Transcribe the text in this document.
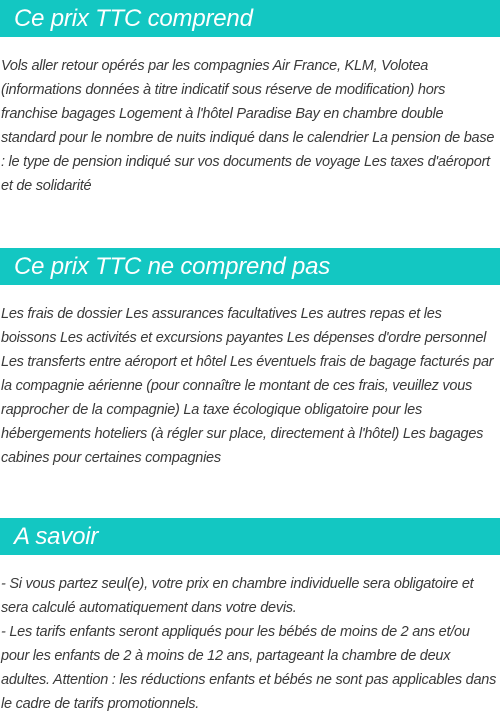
Ce prix TTC comprend

Vols aller retour opérés par les compagnies Air France, KLM, Volotea (informations données à titre indicatif sous réserve de modification) hors franchise bagages Logement à l'hôtel Paradise Bay en chambre double standard pour le nombre de nuits indiqué dans le calendrier La pension de base : le type de pension indiqué sur vos documents de voyage Les taxes d'aéroport et de solidarité

Ce prix TTC ne comprend pas

Les frais de dossier Les assurances facultatives Les autres repas et les boissons Les activités et excursions payantes Les dépenses d'ordre personnel Les transferts entre aéroport et hôtel Les éventuels frais de bagage facturés par la compagnie aérienne (pour connaître le montant de ces frais, veuillez vous rapprocher de la compagnie) La taxe écologique obligatoire pour les hébergements hoteliers (à régler sur place, directement à l'hôtel) Les bagages cabines pour certaines compagnies

A savoir

- Si vous partez seul(e), votre prix en chambre individuelle sera obligatoire et sera calculé automatiquement dans votre devis.

- Les tarifs enfants seront appliqués pour les bébés de moins de 2 ans et/ou pour les enfants de 2 à moins de 12 ans, partageant la chambre de deux adultes. Attention : les réductions enfants et bébés ne sont pas applicables dans le cadre de tarifs promotionnels.
